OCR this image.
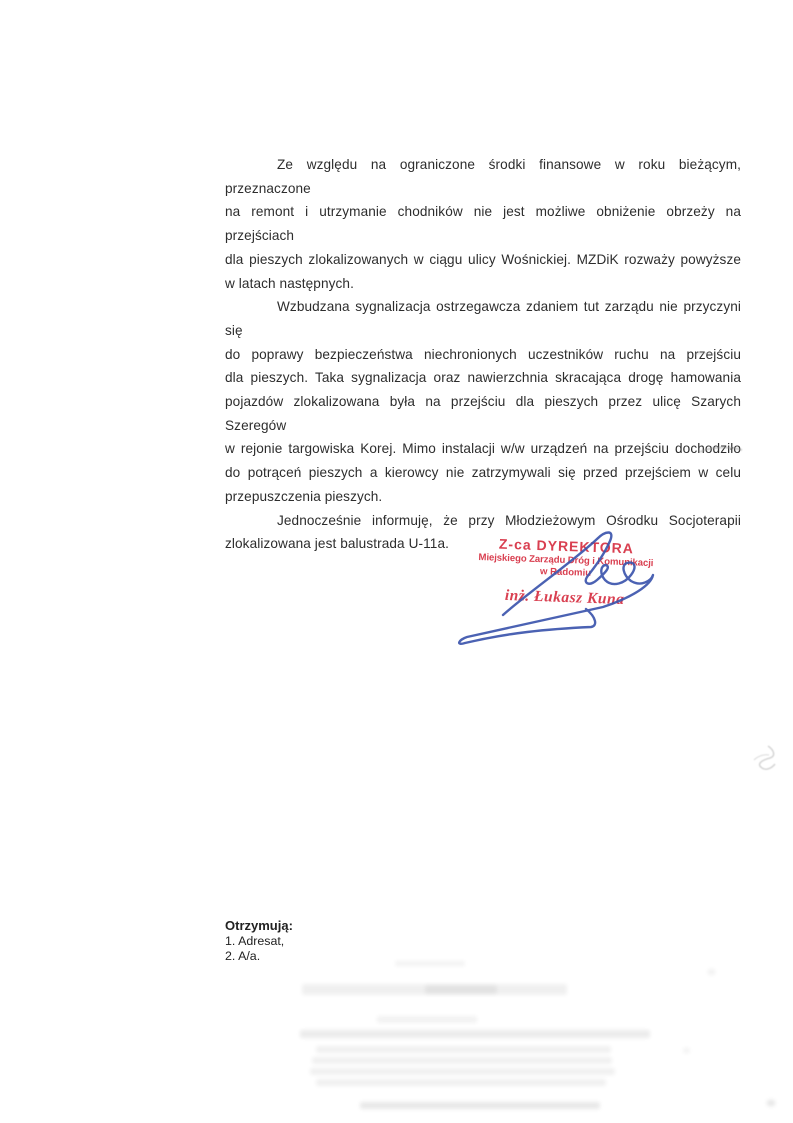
Ze względu na ograniczone środki finansowe w roku bieżącym, przeznaczone
na remont i utrzymanie chodników nie jest możliwe obniżenie obrzeży na przejściach
dla pieszych zlokalizowanych w ciągu ulicy Wośnickiej. MZDiK rozważy powyższe
w latach następnych.

Wzbudzana sygnalizacja ostrzegawcza zdaniem tut zarządu nie przyczyni się
do poprawy bezpieczeństwa niechronionych uczestników ruchu na przejściu
dla pieszych. Taka sygnalizacja oraz nawierzchnia skracająca drogę hamowania
pojazdów zlokalizowana była na przejściu dla pieszych przez ulicę Szarych Szeregów
w rejonie targowiska Korej. Mimo instalacji w/w urządzeń na przejściu dochodziło
do potrąceń pieszych a kierowcy nie zatrzymywali się przed przejściem w celu
przepuszczenia pieszych.

Jednocześnie informuję, że przy Młodzieżowym Ośrodku Socjoterapii
zlokalizowana jest balustrada U-11a.	Z-ca DYREKTORA
Miejskiego Zarządu Dróg i Komunikacji
w Radomiu
inż. Łukasz Kuna
Otrzymują:
1. Adresat,
2. A/a.
